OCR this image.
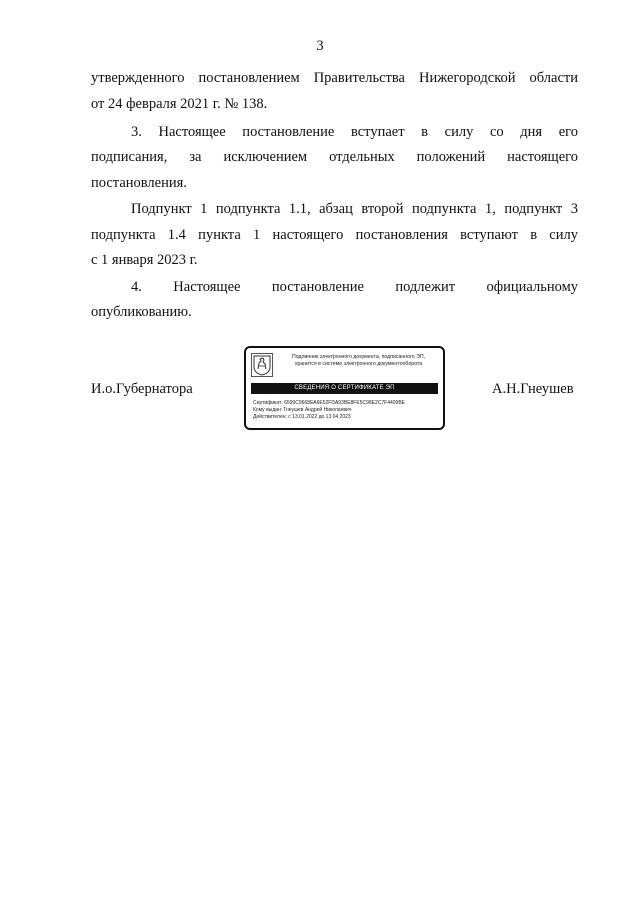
3
утвержденного постановлением Правительства Нижегородской области
от 24 февраля 2021 г. № 138.
3. Настоящее постановление вступает в силу со дня его
подписания, за исключением отдельных положений настоящего
постановления.
Подпункт 1 подпункта 1.1, абзац второй подпункта 1, подпункт 3
подпункта 1.4 пункта 1 настоящего постановления вступают в силу
с 1 января 2023 г.
4. Настоящее постановление подлежит официальному
опубликованию.
И.о.Губернатора	А.Н.Гнеушев
Подлинник электронного документа, подписанного ЭП,
хранится в системе электронного документооборота
СВЕДЕНИЯ О СЕРТИФИКАТЕ ЭП
Сертификат: 6599С9668ЕА6Е52FDA93ВЕ8FЕ5С98Е2С7F4409ВЕ
Кому выдан: Гнеушев Андрей Николаевич
Действителен: с 13.01.2022 до 13.04.2023
